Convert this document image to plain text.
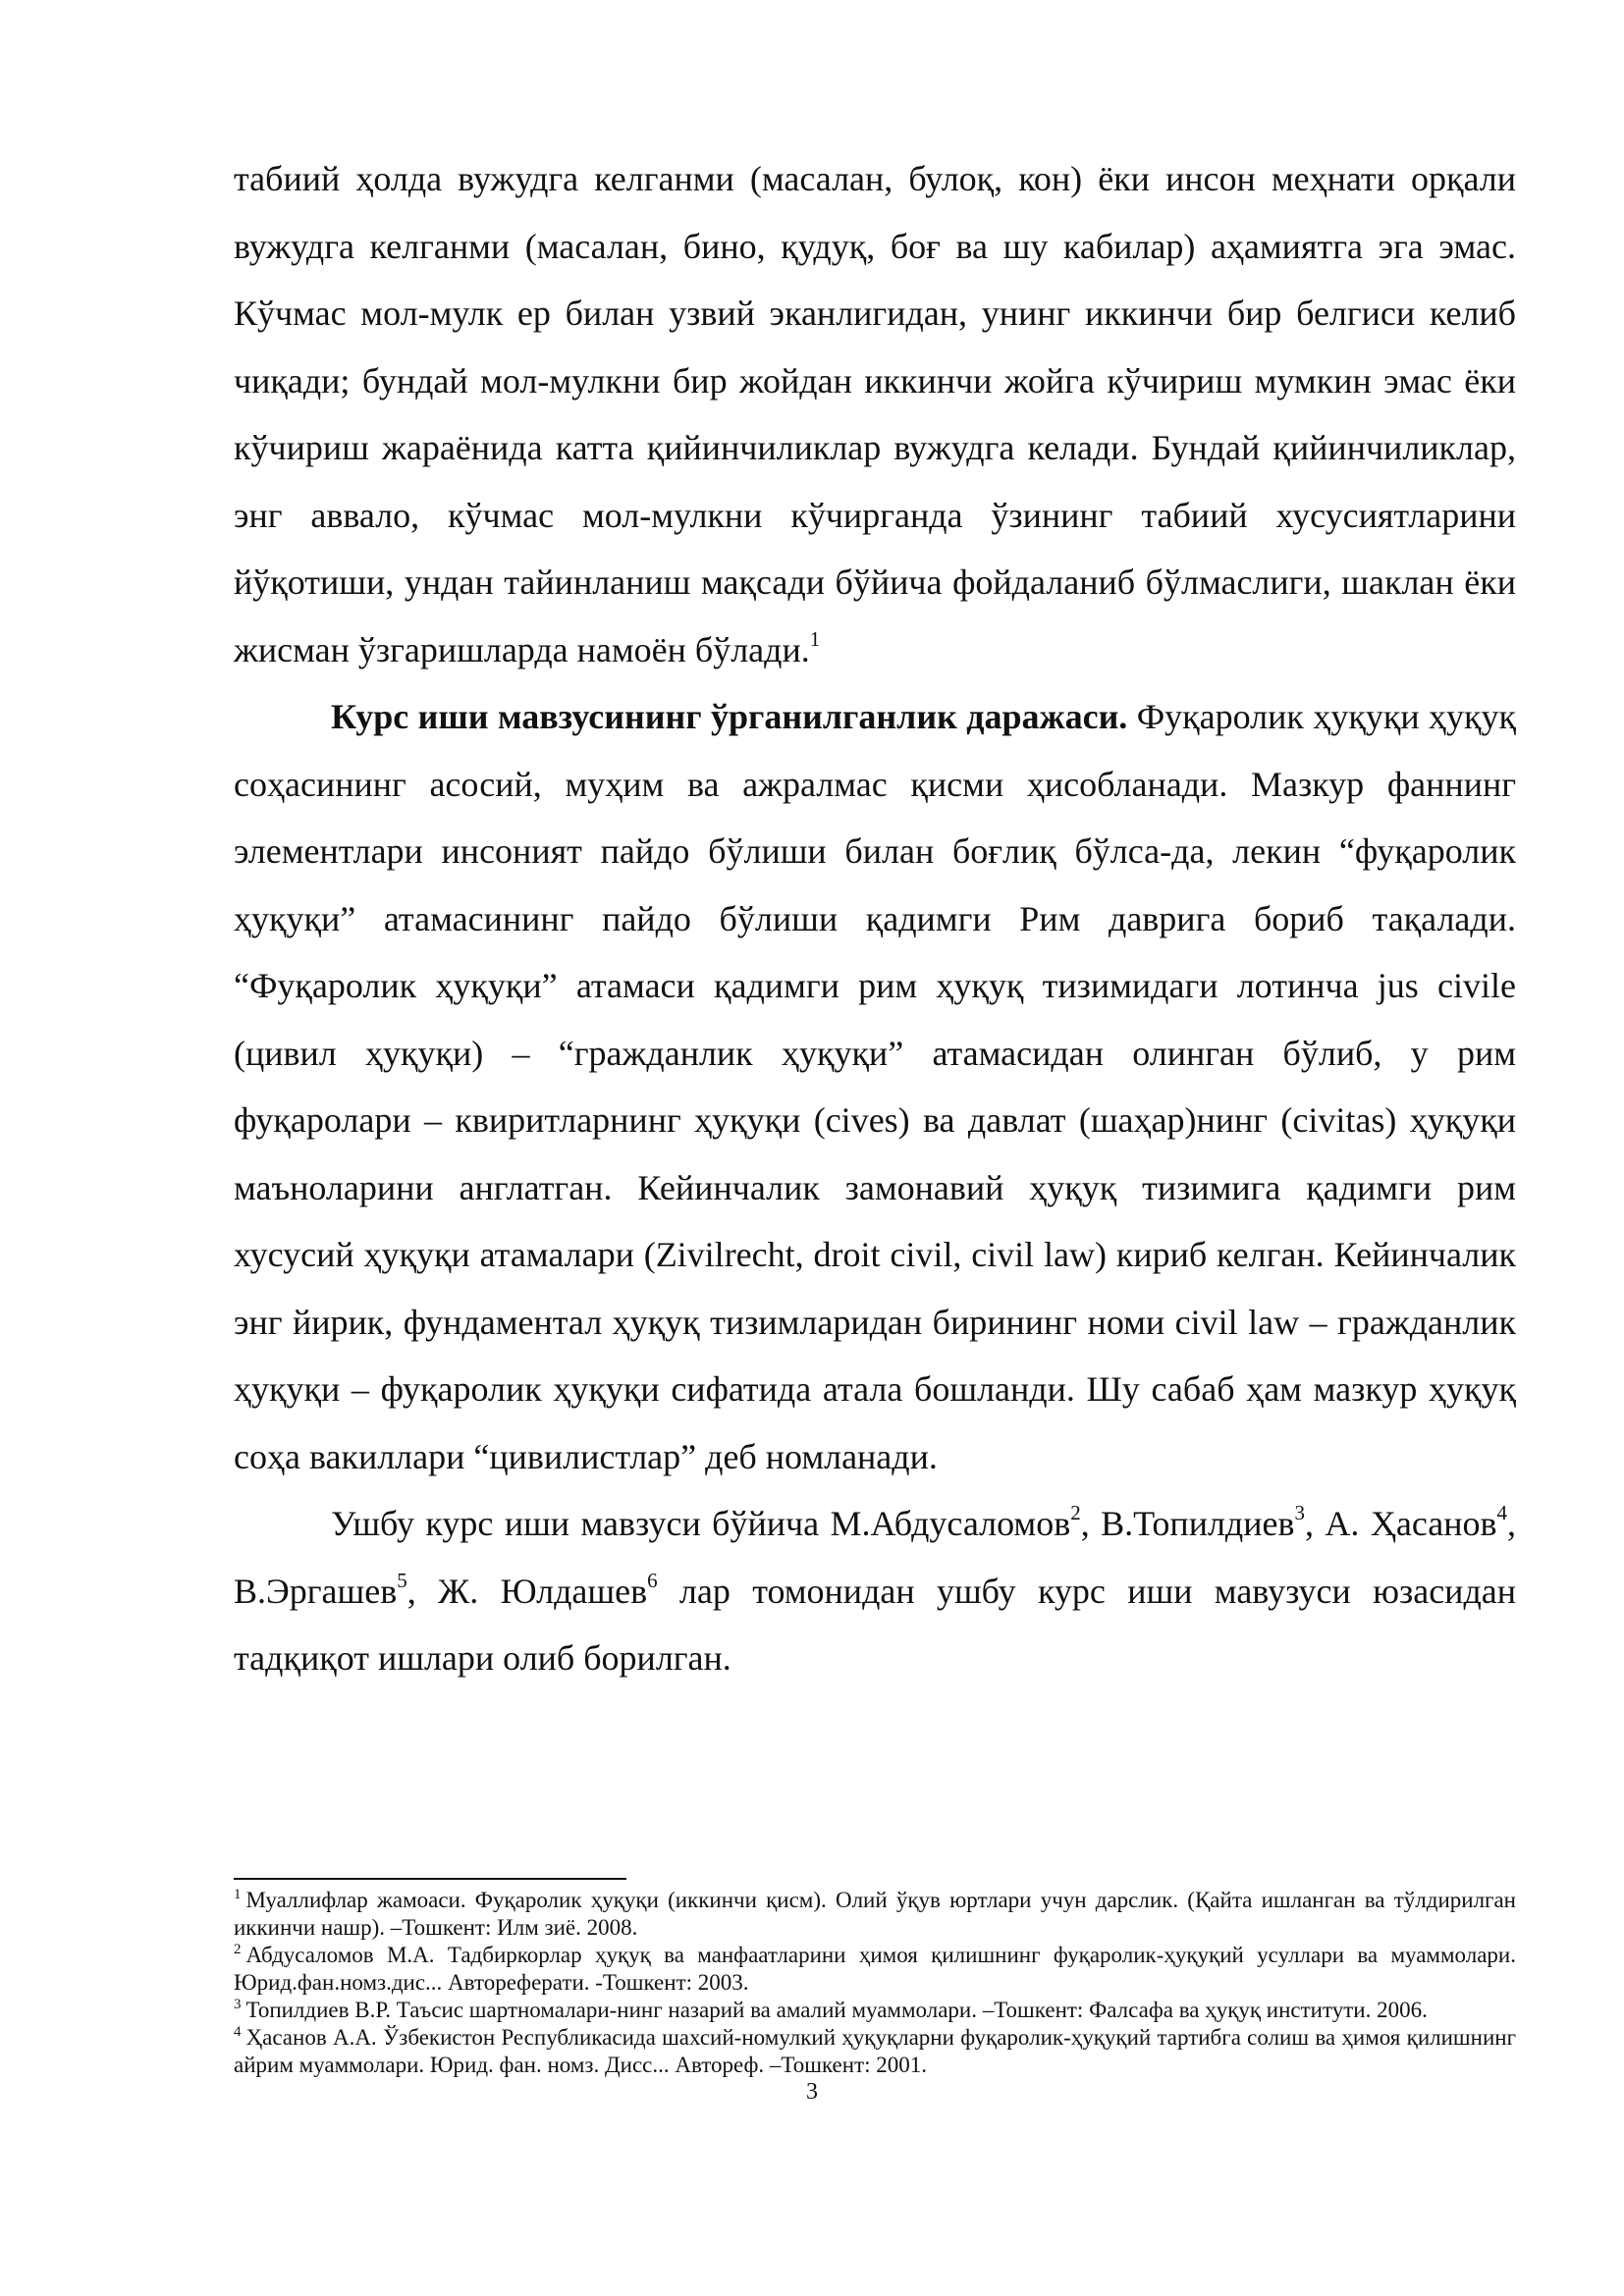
табиий ҳолда вужудга келганми (масалан, булоқ, кон) ёки инсон меҳнати орқали вужудга келганми (масалан, бино, қудуқ, боғ ва шу кабилар) аҳамиятга эга эмас. Кўчмас мол-мулк ер билан узвий эканлигидан, унинг иккинчи бир белгиси келиб чиқади; бундай мол-мулкни бир жойдан иккинчи жойга кўчириш мумкин эмас ёки кўчириш жараёнида катта қийинчиликлар вужудга келади. Бундай қийинчиликлар, энг аввало, кўчмас мол-мулкни кўчирганда ўзининг табиий хусусиятларини йўқотиши, ундан тайинланиш мақсади бўйича фойдаланиб бўлмаслиги, шаклан ёки жисман ўзгаришларда намоён бўлади.$^1$

Курс иши мавзусининг ўрганилганлик даражаси. Фуқаролик ҳуқуқи ҳуқуқ соҳасининг асосий, муҳим ва ажралмас қисми ҳисобланади. Мазкур фаннинг элементлари инсоният пайдо бўлиши билан боғлиқ бўлса-да, лекин “фуқаролик ҳуқуқи” атамасининг пайдо бўлиши қадимги Рим даврига бориб тақалади. “Фуқаролик ҳуқуқи” атамаси қадимги рим ҳуқуқ тизимидаги лотинча jus civile (цивил ҳуқуқи) – “гражданлик ҳуқуқи” атамасидан олинган бўлиб, у рим фуқаролари – квиритларнинг ҳуқуқи (cives) ва давлат (шаҳар)нинг (civitas) ҳуқуқи маъноларини англатган. Кейинчалик замонавий ҳуқуқ тизимига қадимги рим хусусий ҳуқуқи атамалари (Zivilrecht, droit civil, civil law) кириб келган. Кейинчалик энг йирик, фундаментал ҳуқуқ тизимларидан бирининг номи civil law – гражданлик ҳуқуқи – фуқаролик ҳуқуқи сифатида атала бошланди. Шу сабаб ҳам мазкур ҳуқуқ соҳа вакиллари “цивилистлар” деб номланади.

Ушбу курс иши мавзуси бўйича М.Абдусаломов$^2$, В.Топилдиев$^3$, А. Ҳасанов$^4$, В.Эргашев$^5$, Ж. Юлдашев$^6$ лар томонидан ушбу курс иши мавузуси юзасидан тадқиқот ишлари олиб борилган.

$^1$ Муаллифлар жамоаси. Фуқаролик ҳуқуқи (иккинчи қисм). Олий ўқув юртлари учун дарслик. (Қайта ишланган ва тўлдирилган иккинчи нашр). –Тошкент: Илм зиё. 2008.

$^2$ Абдусаломов М.А. Тадбиркорлар ҳуқуқ ва манфаатларини ҳимоя қилишнинг фуқаролик-ҳуқуқий усуллари ва муаммолари. Юрид.фан.номз.дис... Автореферати. -Тошкент: 2003.

$^3$ Топилдиев В.Р. Таъсис шартномалари-нинг назарий ва амалий муаммолари. –Тошкент: Фалсафа ва ҳуқуқ институти. 2006.

$^4$ Ҳасанов А.А. Ўзбекистон Республикасида шахсий-номулкий ҳуқуқларни фуқаролик-ҳуқуқий тартибга солиш ва ҳимоя қилишнинг айрим муаммолари. Юрид. фан. номз. Дисс... Автореф. –Тошкент: 2001.

3
